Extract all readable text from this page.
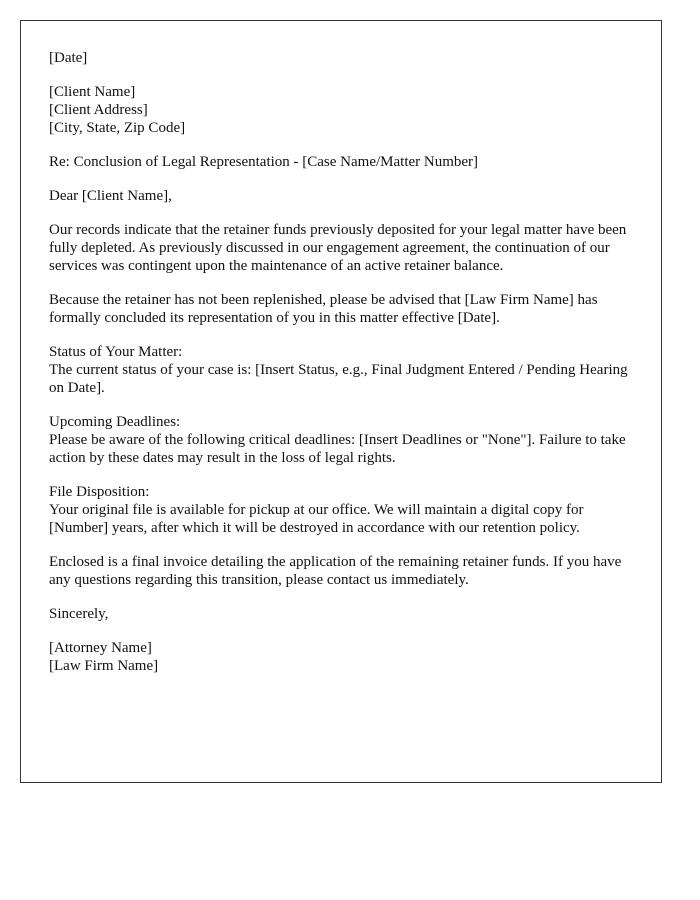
[Date]

[Client Name]
[Client Address]
[City, State, Zip Code]

Re: Conclusion of Legal Representation - [Case Name/Matter Number]

Dear [Client Name],

Our records indicate that the retainer funds previously deposited for your legal matter have been fully depleted. As previously discussed in our engagement agreement, the continuation of our services was contingent upon the maintenance of an active retainer balance.

Because the retainer has not been replenished, please be advised that [Law Firm Name] has formally concluded its representation of you in this matter effective [Date].

Status of Your Matter:
The current status of your case is: [Insert Status, e.g., Final Judgment Entered / Pending Hearing on Date].

Upcoming Deadlines:
Please be aware of the following critical deadlines: [Insert Deadlines or "None"]. Failure to take action by these dates may result in the loss of legal rights.

File Disposition:
Your original file is available for pickup at our office. We will maintain a digital copy for [Number] years, after which it will be destroyed in accordance with our retention policy.

Enclosed is a final invoice detailing the application of the remaining retainer funds. If you have any questions regarding this transition, please contact us immediately.

Sincerely,

[Attorney Name]
[Law Firm Name]
